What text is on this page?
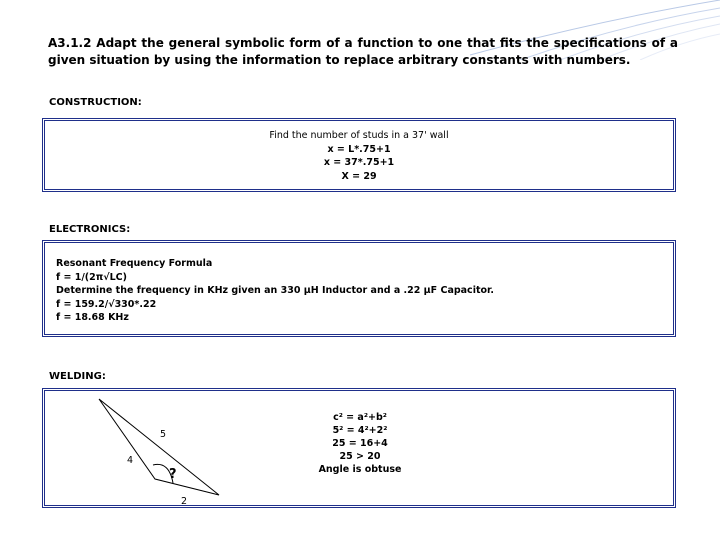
A3.1.2 Adapt the general symbolic form of a function to one that fits the specifications of a given situation by using the information to replace arbitrary constants with numbers.
CONSTRUCTION:
Find the number of studs in a 37' wall
x = L*.75+1
x = 37*.75+1
X = 29
ELECTRONICS:
Resonant Frequency Formula
f = 1/(2π√LC)
Determine the frequency in KHz given an 330 μH Inductor and a .22 μF Capacitor.
f = 159.2/√330*.22
f = 18.68 KHz
WELDING:
5
4
2
?
c² = a²+b²
5² = 4²+2²
25 = 16+4
25 > 20
Angle is obtuse
